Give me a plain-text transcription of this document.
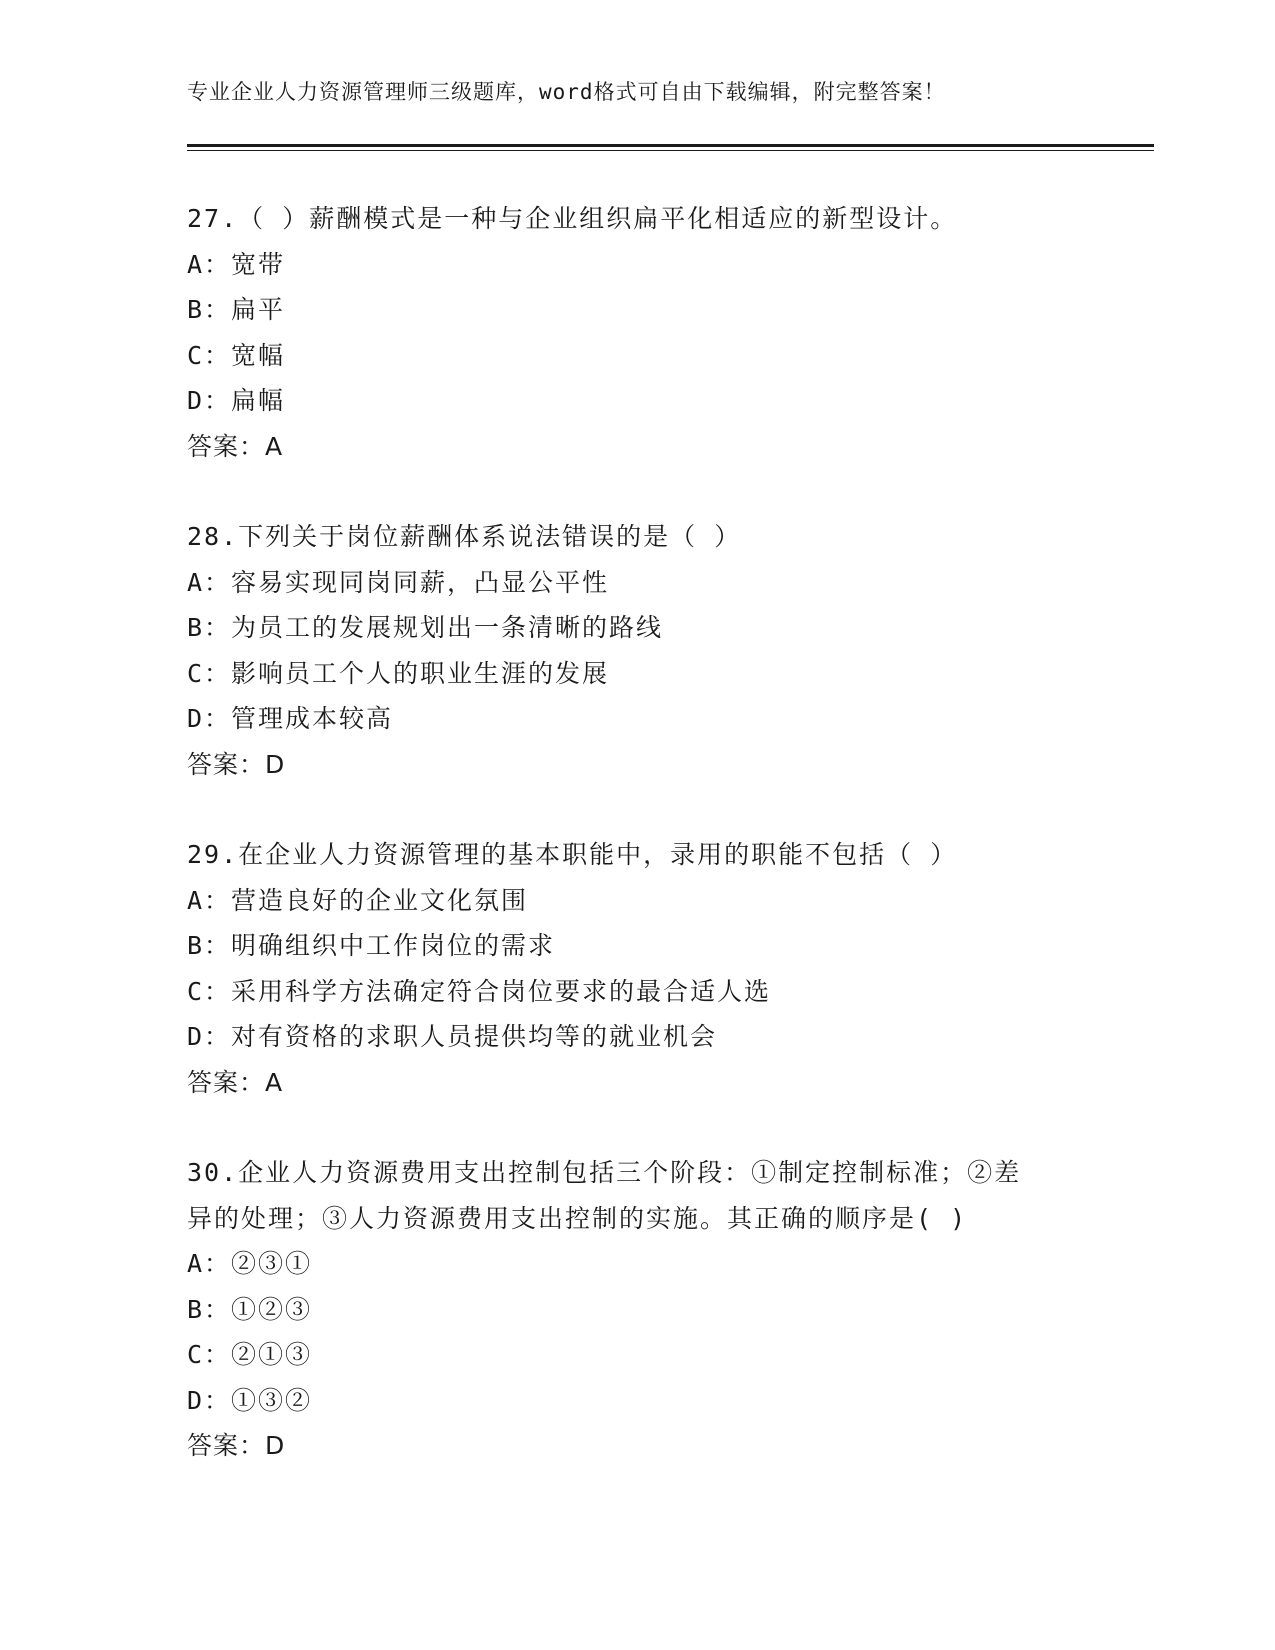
专业企业人力资源管理师三级题库，word格式可自由下载编辑，附完整答案！
27.（ ）薪酬模式是一种与企业组织扁平化相适应的新型设计。
A：宽带
B：扁平
C：宽幅
D：扁幅
答案：A
28.下列关于岗位薪酬体系说法错误的是（ ）
A：容易实现同岗同薪，凸显公平性
B：为员工的发展规划出一条清晰的路线
C：影响员工个人的职业生涯的发展
D：管理成本较高
答案：D
29.在企业人力资源管理的基本职能中，录用的职能不包括（ ）
A：营造良好的企业文化氛围
B：明确组织中工作岗位的需求
C：采用科学方法确定符合岗位要求的最合适人选
D：对有资格的求职人员提供均等的就业机会
答案：A
30.企业人力资源费用支出控制包括三个阶段：①制定控制标准；②差
异的处理；③人力资源费用支出控制的实施。其正确的顺序是( )
A：②③①
B：①②③
C：②①③
D：①③②
答案：D
